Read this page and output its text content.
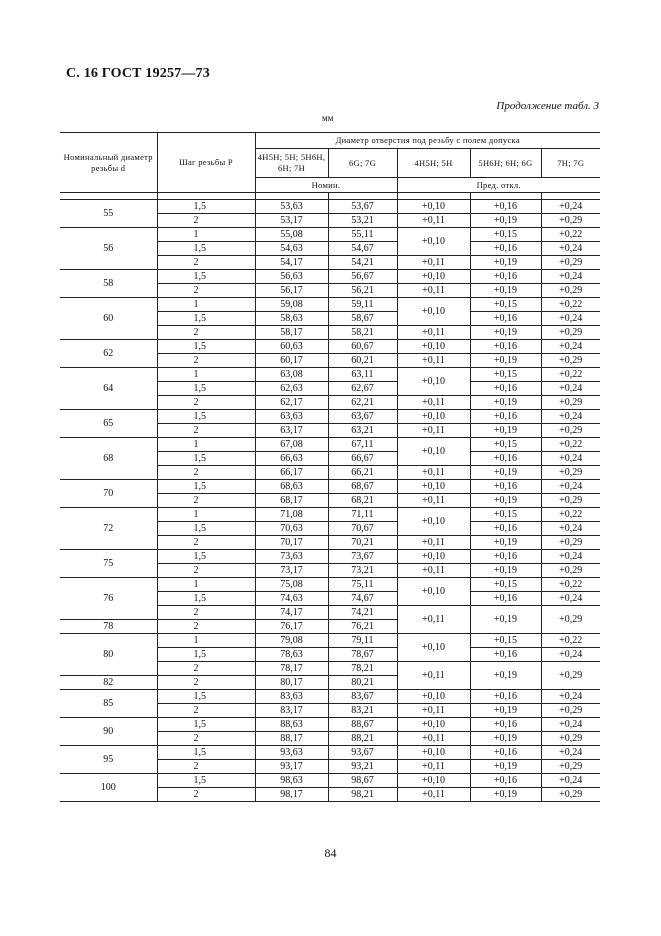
С. 16 ГОСТ 19257—73
Продолжение табл. 3
мм
Номинальный диаметр резьбы d	Шаг резьбы P	Диаметр отверстия под резьбу с полем допуска				
		4H5H; 5H; 5H6H, 6H; 7H	6G; 7G	4H5H; 5H	5H6H; 6H; 6G	7H; 7G
		Номин.		Пред. откл.		

55	1,5	53,63	53,67	+0,10	+0,16	+0,24
	2	53,17	53,21	+0,11	+0,19	+0,29
56	1	55,08	55,11	+0,10	+0,15	+0,22
	1,5	54,63	54,67		+0,16	+0,24
	2	54,17	54,21	+0,11	+0,19	+0,29
58	1,5	56,63	56,67	+0,10	+0,16	+0,24
	2	56,17	56,21	+0,11	+0,19	+0,29
60	1	59,08	59,11	+0,10	+0,15	+0,22
	1,5	58,63	58,67		+0,16	+0,24
	2	58,17	58,21	+0,11	+0,19	+0,29
62	1,5	60,63	60,67	+0,10	+0,16	+0,24
	2	60,17	60,21	+0,11	+0,19	+0,29
64	1	63,08	63,11	+0,10	+0,15	+0,22
	1,5	62,63	62,67		+0,16	+0,24
	2	62,17	62,21	+0,11	+0,19	+0,29
65	1,5	63,63	63,67	+0,10	+0,16	+0,24
	2	63,17	63,21	+0,11	+0,19	+0,29
68	1	67,08	67,11	+0,10	+0,15	+0,22
	1,5	66,63	66,67		+0,16	+0,24
	2	66,17	66,21	+0,11	+0,19	+0,29
70	1,5	68,63	68,67	+0,10	+0,16	+0,24
	2	68,17	68,21	+0,11	+0,19	+0,29
72	1	71,08	71,11	+0,10	+0,15	+0,22
	1,5	70,63	70,67		+0,16	+0,24
	2	70,17	70,21	+0,11	+0,19	+0,29
75	1,5	73,63	73,67	+0,10	+0,16	+0,24
	2	73,17	73,21	+0,11	+0,19	+0,29
76	1	75,08	75,11	+0,10	+0,15	+0,22
	1,5	74,63	74,67		+0,16	+0,24
	2	74,17	74,21	+0,11	+0,19	+0,29
78	2	76,17	76,21			
80	1	79,08	79,11	+0,10	+0,15	+0,22
	1,5	78,63	78,67		+0,16	+0,24
	2	78,17	78,21	+0,11	+0,19	+0,29
82	2	80,17	80,21			
85	1,5	83,63	83,67	+0,10	+0,16	+0,24
	2	83,17	83,21	+0,11	+0,19	+0,29
90	1,5	88,63	88,67	+0,10	+0,16	+0,24
	2	88,17	88,21	+0,11	+0,19	+0,29
95	1,5	93,63	93,67	+0,10	+0,16	+0,24
	2	93,17	93,21	+0,11	+0,19	+0,29
100	1,5	98,63	98,67	+0,10	+0,16	+0,24
	2	98,17	98,21	+0,11	+0,19	+0,29
84
